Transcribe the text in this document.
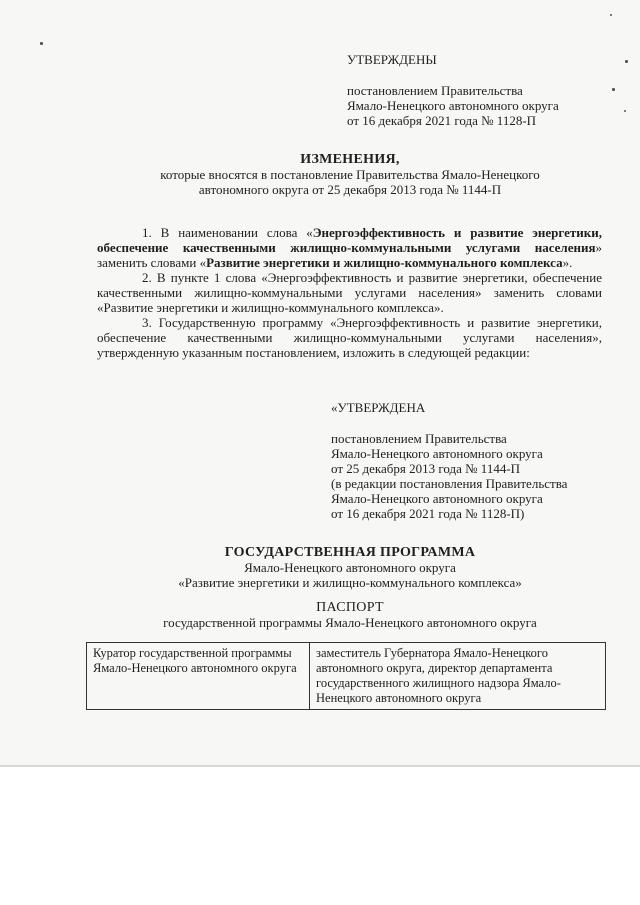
УТВЕРЖДЕНЫ
постановлением Правительства
Ямало-Ненецкого автономного округа
от 16 декабря 2021 года № 1128-П
ИЗМЕНЕНИЯ,
которые вносятся в постановление Правительства Ямало-Ненецкого
автономного округа от 25 декабря 2013 года № 1144-П

1. В наименовании слова «Энергоэффективность и развитие энергетики, обеспечение качественными жилищно-коммунальными услугами населения» заменить словами «Развитие энергетики и жилищно-коммунального комплекса».

2. В пункте 1 слова «Энергоэффективность и развитие энергетики, обеспечение качественными жилищно-коммунальными услугами населения» заменить словами «Развитие энергетики и жилищно-коммунального комплекса».

3. Государственную программу «Энергоэффективность и развитие энергетики, обеспечение качественными жилищно-коммунальными услугами населения», утвержденную указанным постановлением, изложить в следующей редакции:

«УТВЕРЖДЕНА
постановлением Правительства
Ямало-Ненецкого автономного округа
от 25 декабря 2013 года № 1144-П
(в редакции постановления Правительства
Ямало-Ненецкого автономного округа
от 16 декабря 2021 года № 1128-П)
ГОСУДАРСТВЕННАЯ ПРОГРАММА
Ямало-Ненецкого автономного округа
«Развитие энергетики и жилищно-коммунального комплекса»
ПАСПОРТ
государственной программы Ямало-Ненецкого автономного округа
Куратор государственной программы Ямало-Ненецкого автономного округа	заместитель Губернатора Ямало-Ненецкого автономного округа, директор департамента государственного жилищного надзора Ямало-Ненецкого автономного округа
